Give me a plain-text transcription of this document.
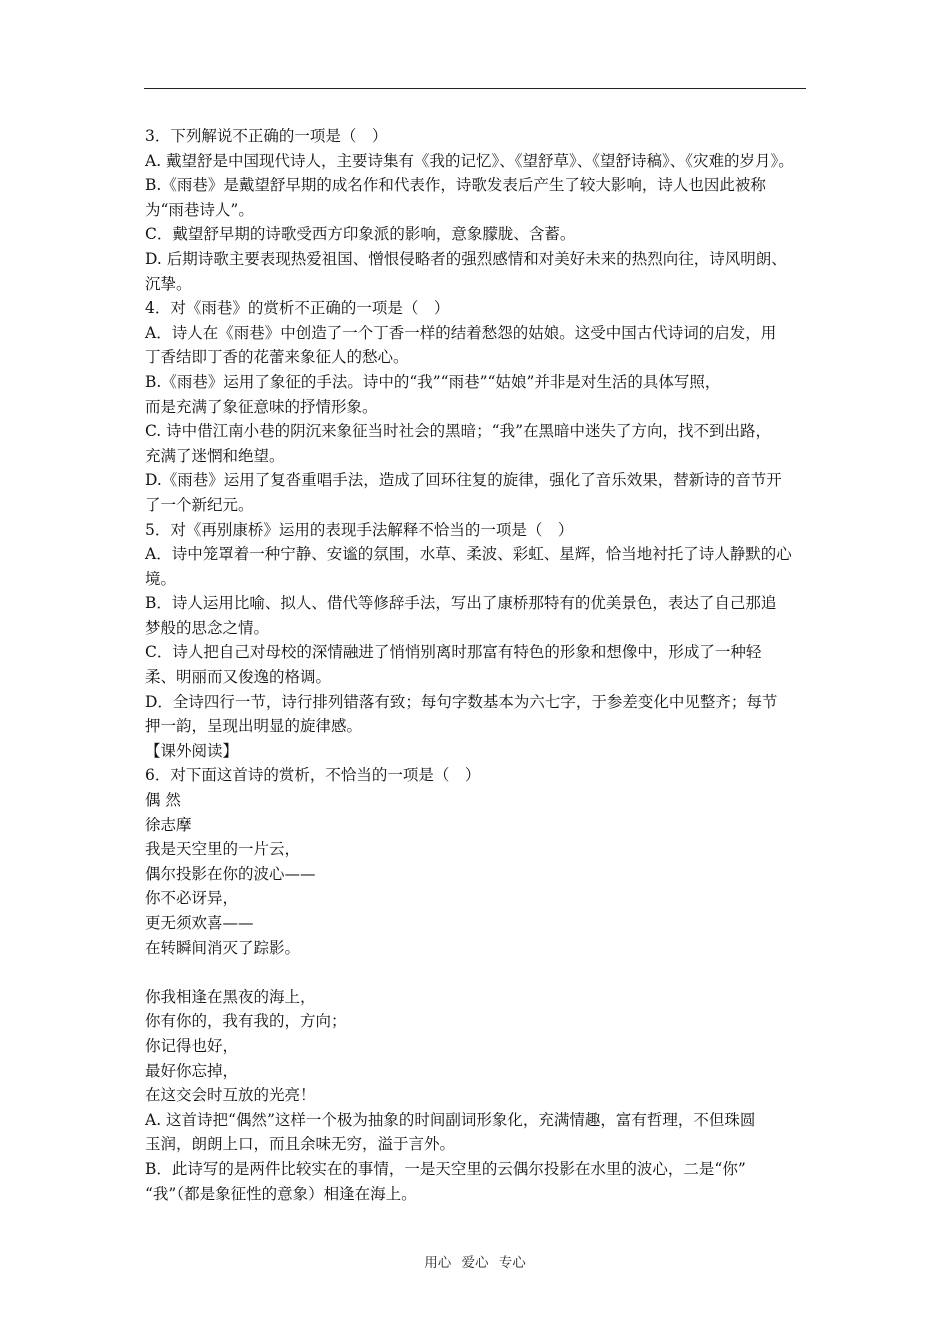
3．下列解说不正确的一项是（　）
A. 戴望舒是中国现代诗人，主要诗集有《我的记忆》、《望舒草》、《望舒诗稿》、《灾难的岁月》。
B.《雨巷》是戴望舒早期的成名作和代表作，诗歌发表后产生了较大影响，诗人也因此被称
为“雨巷诗人”。
C．戴望舒早期的诗歌受西方印象派的影响，意象朦胧、含蓄。
D. 后期诗歌主要表现热爱祖国、憎恨侵略者的强烈感情和对美好未来的热烈向往，诗风明朗、
沉挚。
4．对《雨巷》的赏析不正确的一项是（　）
A．诗人在《雨巷》中创造了一个丁香一样的结着愁怨的姑娘。这受中国古代诗词的启发，用
丁香结即丁香的花蕾来象征人的愁心。
B.《雨巷》运用了象征的手法。诗中的“我”“雨巷”“姑娘”并非是对生活的具体写照，
而是充满了象征意味的抒情形象。
C. 诗中借江南小巷的阴沉来象征当时社会的黑暗；“我”在黑暗中迷失了方向，找不到出路，
充满了迷惘和绝望。
D.《雨巷》运用了复沓重唱手法，造成了回环往复的旋律，强化了音乐效果，替新诗的音节开
了一个新纪元。
5．对《再别康桥》运用的表现手法解释不恰当的一项是（　）
A．诗中笼罩着一种宁静、安谧的氛围，水草、柔波、彩虹、星辉，恰当地衬托了诗人静默的心
境。
B．诗人运用比喻、拟人、借代等修辞手法，写出了康桥那特有的优美景色，表达了自己那追
梦般的思念之情。
C．诗人把自己对母校的深情融进了悄悄别离时那富有特色的形象和想像中，形成了一种轻
柔、明丽而又俊逸的格调。
D．全诗四行一节，诗行排列错落有致；每句字数基本为六七字，于参差变化中见整齐；每节
押一韵，呈现出明显的旋律感。
【课外阅读】
6．对下面这首诗的赏析，不恰当的一项是（　）
偶 然
徐志摩
我是天空里的一片云，
偶尔投影在你的波心——
你不必讶异，
更无须欢喜——
在转瞬间消灭了踪影。
你我相逢在黑夜的海上，
你有你的，我有我的，方向；
你记得也好，
最好你忘掉，
在这交会时互放的光亮！
A. 这首诗把“偶然”这样一个极为抽象的时间副词形象化，充满情趣，富有哲理，不但珠圆
玉润，朗朗上口，而且余味无穷，溢于言外。
B．此诗写的是两件比较实在的事情，一是天空里的云偶尔投影在水里的波心，二是“你”
“我”（都是象征性的意象）相逢在海上。
用心 爱心 专心
